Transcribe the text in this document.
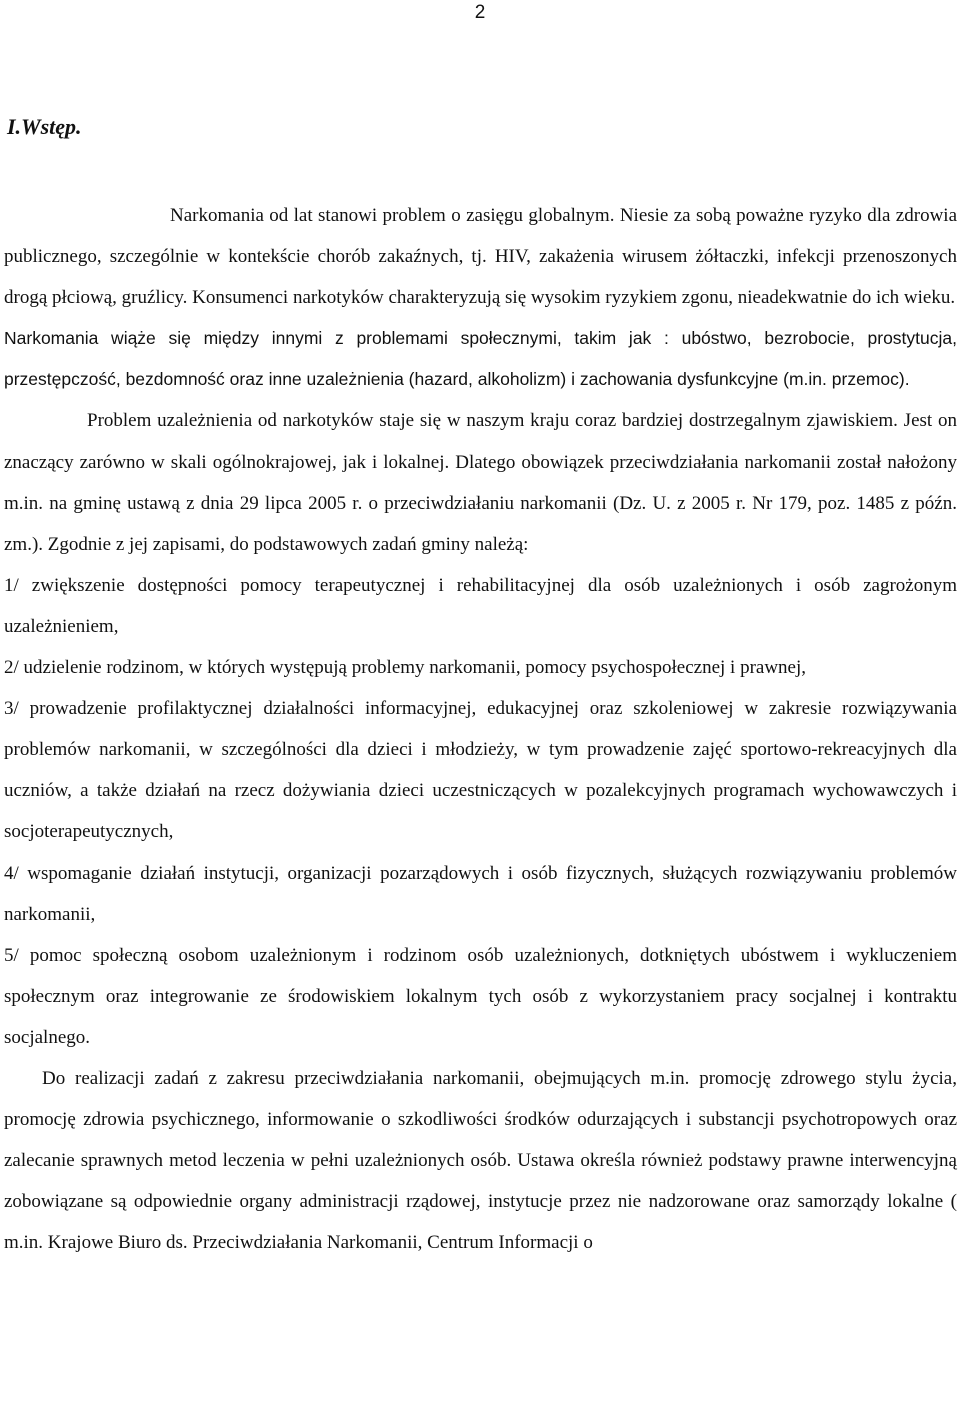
2
I.Wstęp.

Narkomania od lat stanowi problem o zasięgu globalnym. Niesie za sobą poważne ryzyko dla zdrowia publicznego, szczególnie w kontekście chorób zakaźnych, tj. HIV, zakażenia wirusem żółtaczki, infekcji przenoszonych drogą płciową, gruźlicy. Konsumenci narkotyków charakteryzują się wysokim ryzykiem zgonu, nieadekwatnie do ich wieku.

Narkomania wiąże się między innymi z problemami społecznymi, takim jak : ubóstwo, bezrobocie, prostytucja, przestępczość, bezdomność oraz inne uzależnienia (hazard, alkoholizm) i zachowania dysfunkcyjne (m.in. przemoc).

Problem uzależnienia od narkotyków staje się w naszym kraju coraz bardziej dostrzegalnym zjawiskiem. Jest on znaczący zarówno w skali ogólnokrajowej, jak i lokalnej. Dlatego obowiązek przeciwdziałania narkomanii został nałożony m.in. na gminę ustawą z dnia 29 lipca 2005 r. o przeciwdziałaniu narkomanii (Dz. U. z 2005 r. Nr 179, poz. 1485 z późn. zm.). Zgodnie z jej zapisami, do podstawowych zadań gminy należą:

1/ zwiększenie dostępności pomocy terapeutycznej i rehabilitacyjnej dla osób uzależnionych i osób zagrożonym uzależnieniem,

2/ udzielenie rodzinom, w których występują problemy narkomanii, pomocy psychospołecznej i prawnej,

3/ prowadzenie profilaktycznej działalności informacyjnej, edukacyjnej oraz szkoleniowej w zakresie rozwiązywania problemów narkomanii, w szczególności dla dzieci i młodzieży, w tym prowadzenie zajęć sportowo-rekreacyjnych dla uczniów, a także działań na rzecz dożywiania dzieci uczestniczących w pozalekcyjnych programach wychowawczych i socjoterapeutycznych,

4/ wspomaganie działań instytucji, organizacji pozarządowych i osób fizycznych, służących rozwiązywaniu problemów narkomanii,

5/ pomoc społeczną osobom uzależnionym i rodzinom osób uzależnionych, dotkniętych ubóstwem i wykluczeniem społecznym oraz integrowanie ze środowiskiem lokalnym tych osób z wykorzystaniem pracy socjalnej i kontraktu socjalnego.

Do realizacji zadań z zakresu przeciwdziałania narkomanii, obejmujących m.in. promocję zdrowego stylu życia, promocję zdrowia psychicznego, informowanie o szkodliwości środków odurzających i substancji psychotropowych oraz zalecanie sprawnych metod leczenia w pełni uzależnionych osób. Ustawa określa również podstawy prawne interwencyjną zobowiązane są odpowiednie organy administracji rządowej, instytucje przez nie nadzorowane oraz samorządy lokalne ( m.in. Krajowe Biuro ds. Przeciwdziałania Narkomanii, Centrum Informacji o
